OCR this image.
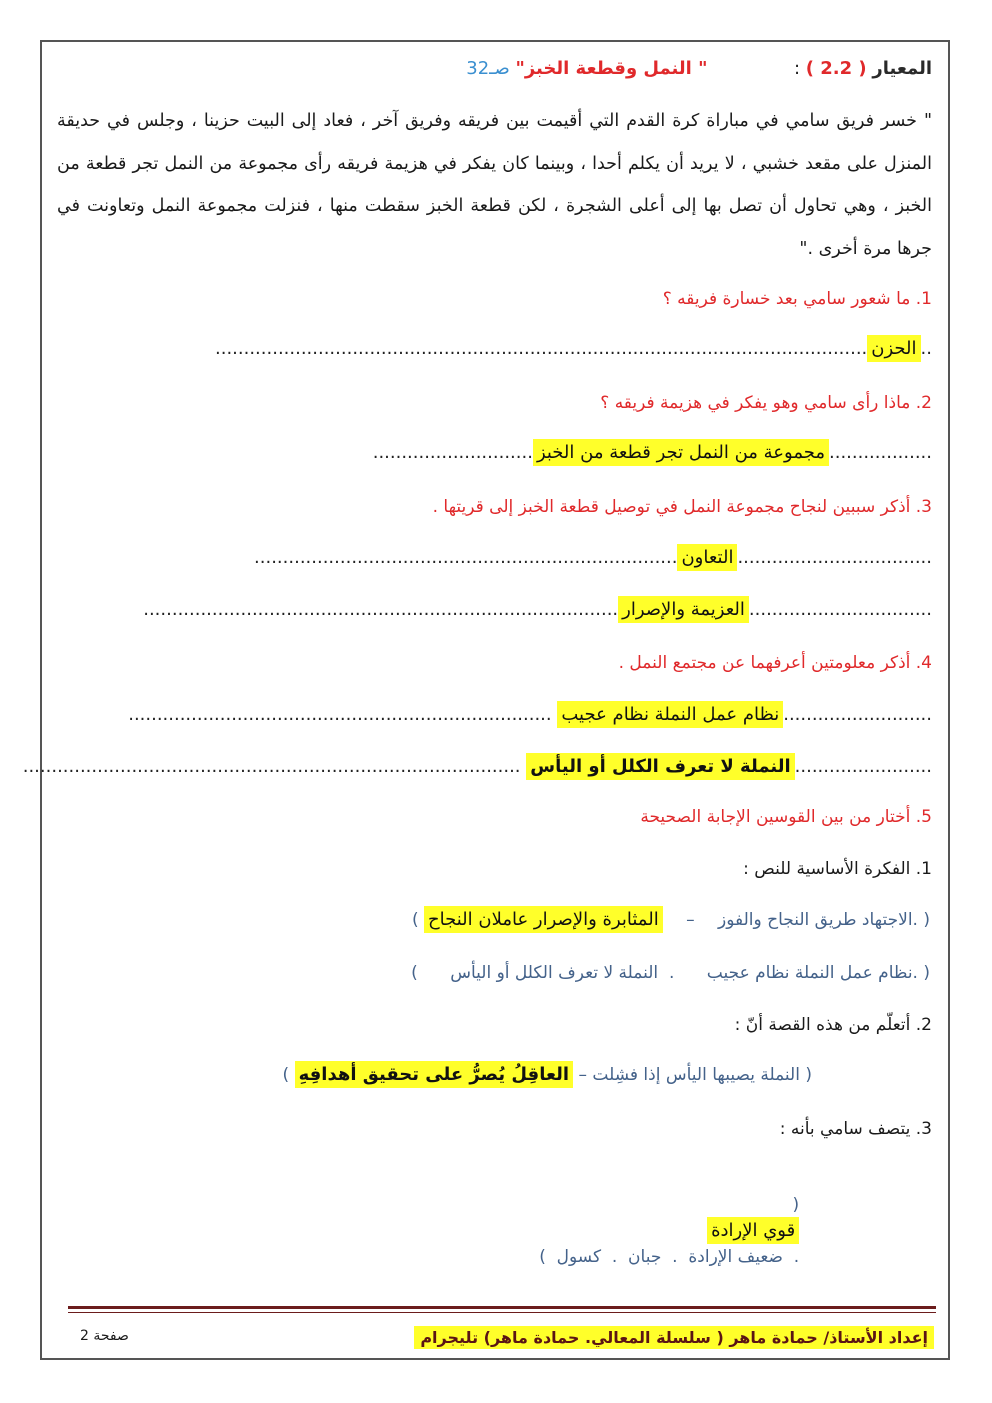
المعيار ( 2.2 ) :  " النمل وقطعة الخبز" صـ32
" خسر فريق سامي في مباراة كرة القدم التي أقيمت بين فريقه وفريق آخر ، فعاد إلى البيت حزينا ، وجلس في حديقة المنزل على مقعد خشبي ، لا يريد أن يكلم أحدا ، وبينما كان يفكر في هزيمة فريقه رأى مجموعة من النمل تجر قطعة من الخبز ، وهي تحاول أن تصل بها إلى أعلى الشجرة ، لكن قطعة الخبز سقطت منها ، فنزلت مجموعة النمل وتعاونت في جرها مرة أخرى ."
1. ما شعور سامي بعد خسارة فريقه ؟
..الحزن..................................................................................................................
2. ماذا رأى سامي وهو يفكر في هزيمة فريقه ؟
..................مجموعة من النمل تجر قطعة من الخبز............................
3. أذكر سببين لنجاح مجموعة النمل في توصيل قطعة الخبز إلى قريتها .
..................................التعاون..........................................................................
................................العزيمة والإصرار...................................................................................
4. أذكر معلومتين أعرفهما عن مجتمع النمل .
..........................نظام عمل النملة نظام عجيب ..........................................................................
........................النملة لا تعرف الكلل أو اليأس .......................................................................................
5. أختار من بين القوسين الإجابة الصحيحة
1. الفكرة الأساسية للنص :
( .الاجتهاد طريق النجاح والفوز – المثابرة والإصرار عاملان النجاح )
( .نظام عمل النملة نظام عجيب      .  النملة لا تعرف الكلل أو اليأس      )
2. أتعلّم من هذه القصة أنّ :
( النملة يصيبها اليأس إذا فشِلت – العاقِلُ يُصرُّ على تحقيق أهدافِهِ )
3. يتصف سامي بأنه :

(
قوي الإرادة
.  ضعيف الإرادة  .  جبان  .  كسول  )

إعداد الأستاذ/ حمادة ماهر ( سلسلة المعالي. حمادة ماهر) تليجرام
صفحة 2
